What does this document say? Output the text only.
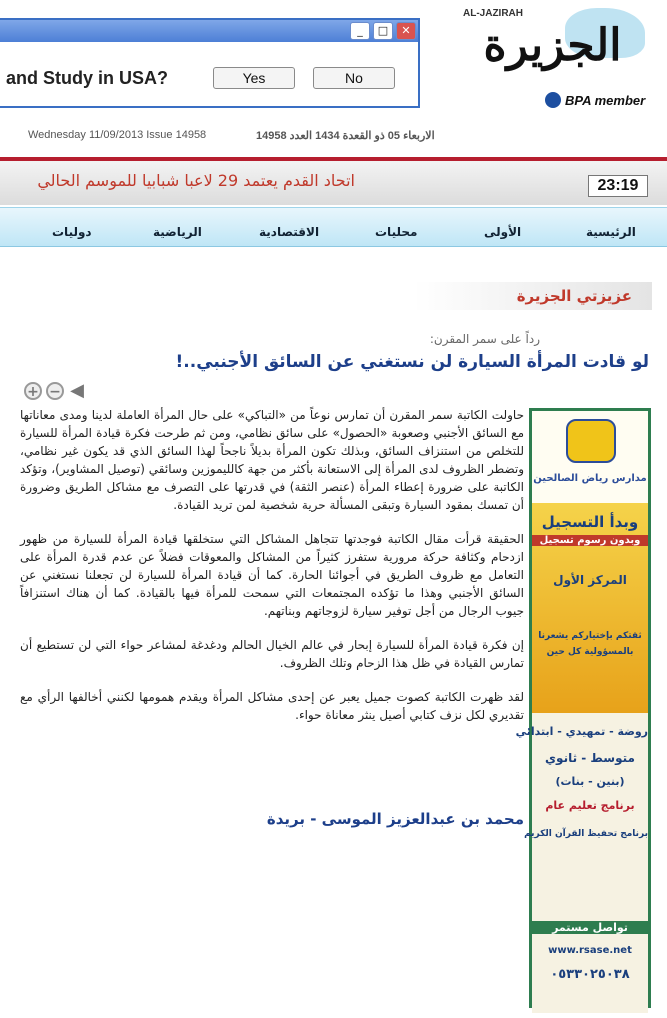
_	□	✕
and Study in USA?	Yes	No
AL-JAZIRAH
الجزيرة
BPA member
Wednesday 11/09/2013 Issue 14958	الاربعاء 05 ذو القعدة 1434 العدد 14958
اتحاد القدم يعتمد 29 لاعبا شبابيا للموسم الحالي	23:19
الرئيسية
الأولى
محليات
الاقتصادية
الرياضية
دوليات
عزيزتي الجزيرة
رداً على سمر المقرن:
لو قادت المرأة السيارة لن نستغني عن السائق الأجنبي..!
+ − ◀

حاولت الكاتبة سمر المقرن أن تمارس نوعاً من «التباكي» على حال المرأة العاملة لدينا ومدى معاناتها مع السائق الأجنبي وصعوبة «الحصول» على سائق نظامي، ومن ثم طرحت فكرة قيادة المرأة للسيارة للتخلص من استنزاف السائق، وبذلك تكون المرأة بديلاً ناجحاً لهذا السائق الذي قد يكون غير نظامي، وتضطر الظروف لدى المرأة إلى الاستعانة بأكثر من جهة كالليموزين وسائقي (توصيل المشاوير)، وتؤكد الكاتبة على ضرورة إعطاء المرأة (عنصر الثقة) في قدرتها على التصرف مع مشاكل الطريق وضرورة أن تمسك بمقود السيارة وتبقى المسألة حرية شخصية لمن تريد القيادة.

الحقيقة قرأت مقال الكاتبة فوجدتها تتجاهل المشاكل التي ستخلقها قيادة المرأة للسيارة من ظهور ازدحام وكثافة حركة مرورية ستفرز كثيراً من المشاكل والمعوقات فضلاً عن عدم قدرة المرأة على التعامل مع ظروف الطريق في أجوائنا الحارة. كما أن قيادة المرأة للسيارة لن تجعلنا نستغني عن السائق الأجنبي وهذا ما تؤكده المجتمعات التي سمحت للمرأة فيها بالقيادة. كما أن هناك استنزافاً جيوب الرجال من أجل توفير سيارة لزوجاتهم وبناتهم.

إن فكرة قيادة المرأة للسيارة إبحار في عالم الخيال الحالم ودغدغة لمشاعر حواء التي لن تستطيع أن تمارس القيادة في ظل هذا الزحام وتلك الظروف.

لقد ظهرت الكاتبة كصوت جميل يعبر عن إحدى مشاكل المرأة ويقدم همومها لكنني أخالفها الرأي مع تقديري لكل نزف كتابي أصيل ينثر معاناة حواء.

محمد بن عبدالعزيز الموسى - بريدة
مدارس رياض الصالحين
وبدأ التسجيل
وبدون رسوم تسجيل
المركز الأول
ثقتكم بإختياركم يشعرنا بالمسؤولية كل حين
روضة - تمهيدي - ابتدائي
متوسط - ثانوي
(بنين - بنات)
برنامج تعليم عام
برنامج تحفيظ القرآن الكريم
تواصل مستمر
www.rsase.net
٠٥٣٣٠٢٥٠٣٨
